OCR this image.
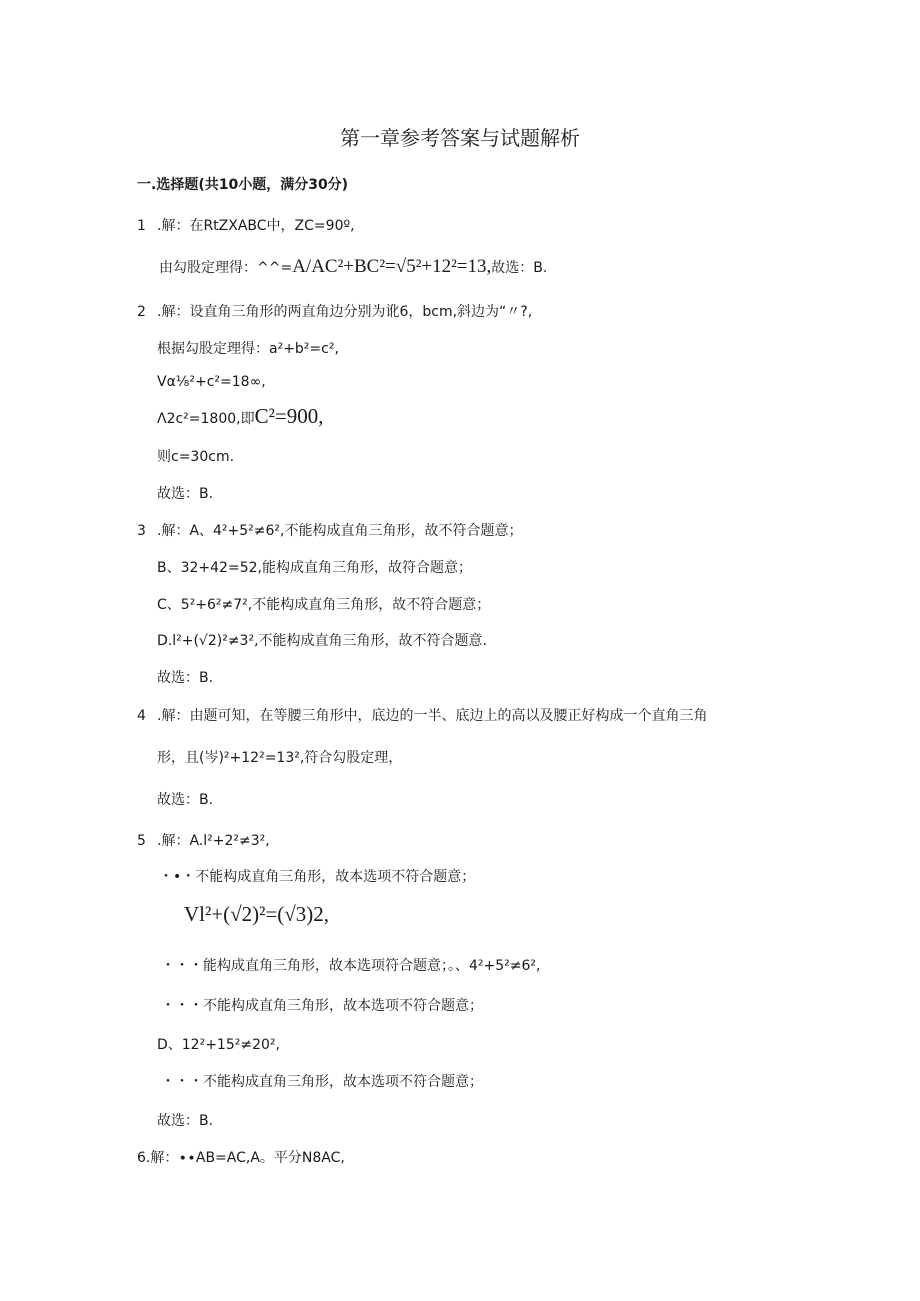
第一章参考答案与试题解析
一.选择题(共10小题，满分30分)
1 .解：在RtZXABC中，ZC=90º,
由勾股定理得：^^=A/AC²+BC²=√5²+12²=13,故选：B.
2 .解：设直角三角形的两直角边分别为讹6，bcm,斜边为“〃?,
根据勾股定理得：a²+b²=c²,
Vα⅛²+c²=18∞,
Λ2c²=1800,即C²=900,
则c=30cm.
故选：B.
3 .解：A、4²+5²≠6²,不能构成直角三角形，故不符合题意；
B、32+42=52,能构成直角三角形，故符合题意；
C、5²+6²≠7²,不能构成直角三角形，故不符合题意；
D.l²+(√2)²≠3²,不能构成直角三角形，故不符合题意.
故选：B.
4 .解：由题可知，在等腰三角形中，底边的一半、底边上的高以及腰正好构成一个直角三角
形，且(岑)²+12²=13²,符合勾股定理，
故选：B.
5 .解：A.l²+2²≠3²,
・•・不能构成直角三角形，故本选项不符合题意；
Vl²+(√2)²=(√3)2,
・・・能构成直角三角形，故本选项符合题意；。、4²+5²≠6²,
・・・不能构成直角三角形，故本选项不符合题意；
D、12²+15²≠20²,
・・・不能构成直角三角形，故本选项不符合题意；
故选：B.
6.解：∙∙AB=AC,A。平分N8AC,
